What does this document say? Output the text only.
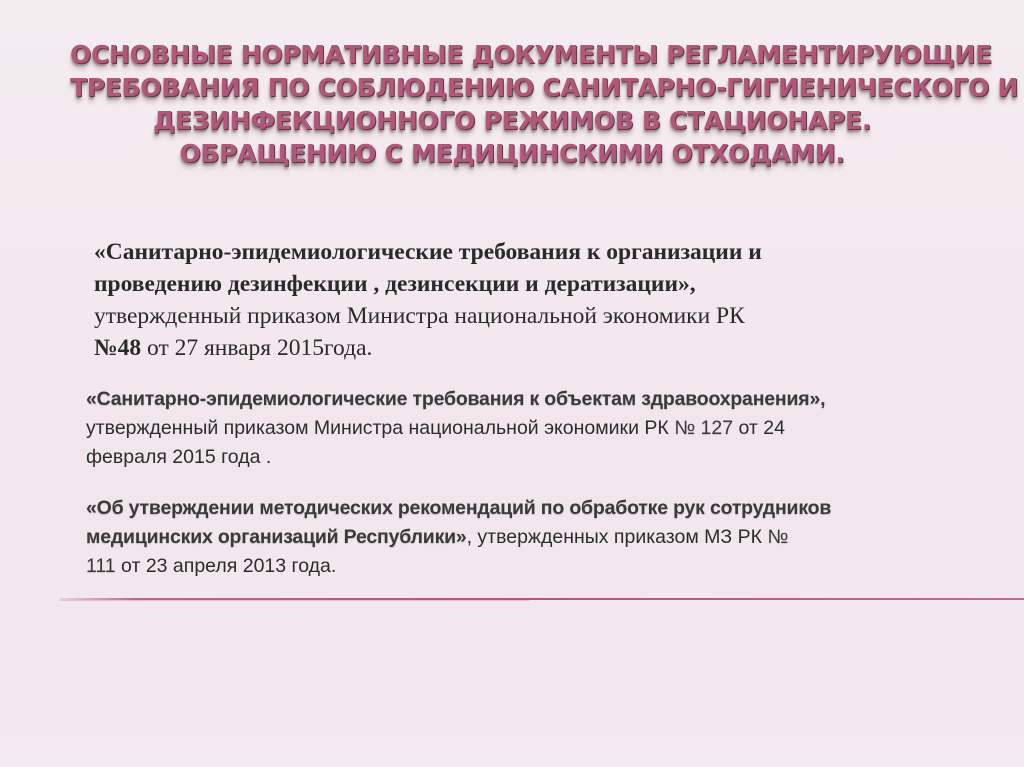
ОСНОВНЫЕ НОРМАТИВНЫЕ ДОКУМЕНТЫ РЕГЛАМЕНТИРУЮЩИЕ
ТРЕБОВАНИЯ ПО СОБЛЮДЕНИЮ САНИТАРНО-ГИГИЕНИЧЕСКОГО И
ДЕЗИНФЕКЦИОННОГО РЕЖИМОВ В СТАЦИОНАРЕ.
ОБРАЩЕНИЮ С МЕДИЦИНСКИМИ ОТХОДАМИ.
«Санитарно-эпидемиологические требования к организации и
проведению дезинфекции , дезинсекции и дератизации»,
утвержденный приказом Министра национальной экономики РК
№48 от 27 января 2015года.
«Санитарно-эпидемиологические требования к объектам здравоохранения»,
утвержденный приказом Министра национальной экономики РК № 127 от 24
февраля 2015 года .
«Об утверждении методических рекомендаций по обработке рук сотрудников
медицинских организаций Республики», утвержденных приказом МЗ РК №
111 от 23 апреля 2013 года.
